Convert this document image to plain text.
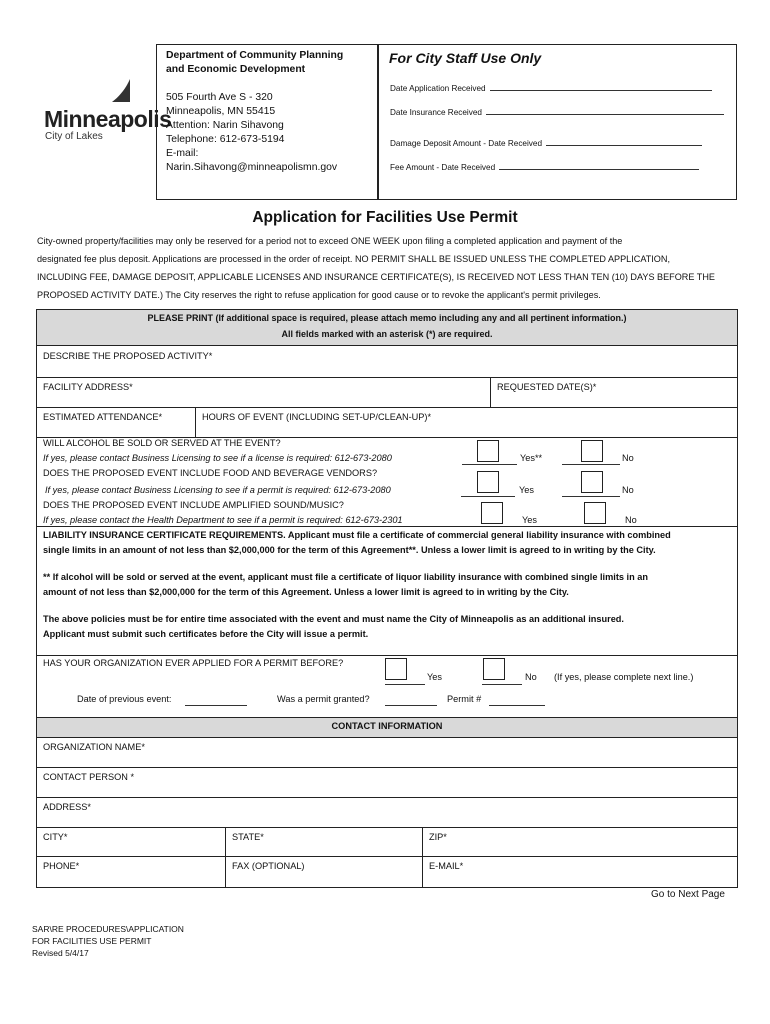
Minneapolis
City of Lakes
Department of Community Planning
and Economic Development
505 Fourth Ave S - 320
Minneapolis, MN 55415
Attention: Narin Sihavong
Telephone: 612-673-5194
E-mail: Narin.Sihavong@minneapolismn.gov
For City Staff Use Only
Date Application Received
Date Insurance Received
Damage Deposit Amount - Date Received
Fee Amount - Date Received
Application for Facilities Use Permit
City-owned property/facilities may only be reserved for a period not to exceed ONE WEEK upon filing a completed application and payment of the
designated fee plus deposit. Applications are processed in the order of receipt. NO PERMIT SHALL BE ISSUED UNLESS THE COMPLETED APPLICATION,
INCLUDING FEE, DAMAGE DEPOSIT, APPLICABLE LICENSES AND INSURANCE CERTIFICATE(S), IS RECEIVED NOT LESS THAN TEN (10) DAYS BEFORE THE
PROPOSED ACTIVITY DATE.) The City reserves the right to refuse application for good cause or to revoke the applicant's permit privileges.
PLEASE PRINT (If additional space is required, please attach memo including any and all pertinent information.)
All fields marked with an asterisk (*) are required.
DESCRIBE THE PROPOSED ACTIVITY*
FACILITY ADDRESS*	REQUESTED DATE(S)*
ESTIMATED ATTENDANCE*	HOURS OF EVENT (INCLUDING SET-UP/CLEAN-UP)*
WILL ALCOHOL BE SOLD OR SERVED AT THE EVENT?
If yes, please contact Business Licensing to see if a license is required: 612-673-2080	Yes**	No
DOES THE PROPOSED EVENT INCLUDE FOOD AND BEVERAGE VENDORS?
If yes, please contact Business Licensing to see if a permit is required: 612-673-2080	Yes	No
DOES THE PROPOSED EVENT INCLUDE AMPLIFIED SOUND/MUSIC?
If yes, please contact the Health Department to see if a permit is required: 612-673-2301	Yes	No
LIABILITY INSURANCE CERTIFICATE REQUIREMENTS. Applicant must file a certificate of commercial general liability insurance with combined
single limits in an amount of not less than $2,000,000 for the term of this Agreement**. Unless a lower limit is agreed to in writing by the City.
** If alcohol will be sold or served at the event, applicant must file a certificate of liquor liability insurance with combined single limits in an
amount of not less than $2,000,000 for the term of this Agreement. Unless a lower limit is agreed to in writing by the City.
The above policies must be for entire time associated with the event and must name the City of Minneapolis as an additional insured.
Applicant must submit such certificates before the City will issue a permit.
HAS YOUR ORGANIZATION EVER APPLIED FOR A PERMIT BEFORE?
Yes	No (If yes, please complete next line.)
Date of previous event:	Was a permit granted?	Permit #
CONTACT INFORMATION
ORGANIZATION NAME*
CONTACT PERSON *
ADDRESS*
CITY*	STATE*	ZIP*
PHONE*	FAX (OPTIONAL)	E-MAIL*
Go to Next Page
SAR\RE PROCEDURES\APPLICATION
FOR FACILITIES USE PERMIT
Revised 5/4/17
